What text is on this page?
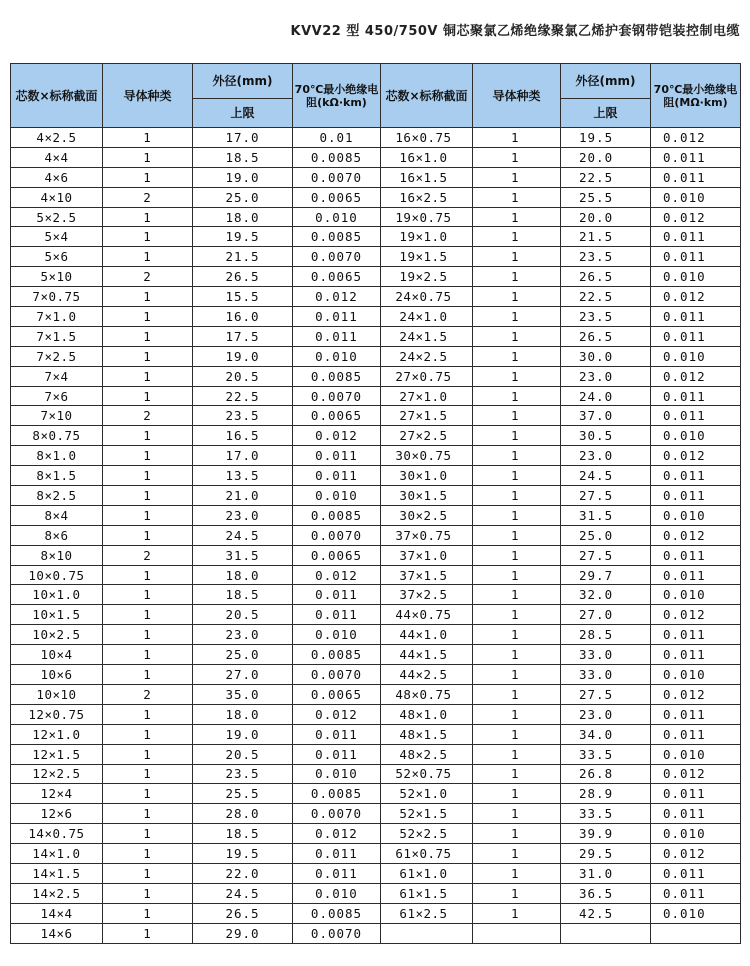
KVV22 型 450/750V 铜芯聚氯乙烯绝缘聚氯乙烯护套钢带铠装控制电缆
芯数×标称截面	导体种类	外径(mm)	70℃最小绝缘电阻(kΩ·km)	芯数×标称截面	导体种类	外径(mm)	70℃最小绝缘电阻(MΩ·km)
		上限				上限	
4×2.5	1	17.0	0.01	16×0.75	1	19.5	0.012
4×4	1	18.5	0.0085	16×1.0	1	20.0	0.011
4×6	1	19.0	0.0070	16×1.5	1	22.5	0.011
4×10	2	25.0	0.0065	16×2.5	1	25.5	0.010
5×2.5	1	18.0	0.010	19×0.75	1	20.0	0.012
5×4	1	19.5	0.0085	19×1.0	1	21.5	0.011
5×6	1	21.5	0.0070	19×1.5	1	23.5	0.011
5×10	2	26.5	0.0065	19×2.5	1	26.5	0.010
7×0.75	1	15.5	0.012	24×0.75	1	22.5	0.012
7×1.0	1	16.0	0.011	24×1.0	1	23.5	0.011
7×1.5	1	17.5	0.011	24×1.5	1	26.5	0.011
7×2.5	1	19.0	0.010	24×2.5	1	30.0	0.010
7×4	1	20.5	0.0085	27×0.75	1	23.0	0.012
7×6	1	22.5	0.0070	27×1.0	1	24.0	0.011
7×10	2	23.5	0.0065	27×1.5	1	37.0	0.011
8×0.75	1	16.5	0.012	27×2.5	1	30.5	0.010
8×1.0	1	17.0	0.011	30×0.75	1	23.0	0.012
8×1.5	1	13.5	0.011	30×1.0	1	24.5	0.011
8×2.5	1	21.0	0.010	30×1.5	1	27.5	0.011
8×4	1	23.0	0.0085	30×2.5	1	31.5	0.010
8×6	1	24.5	0.0070	37×0.75	1	25.0	0.012
8×10	2	31.5	0.0065	37×1.0	1	27.5	0.011
10×0.75	1	18.0	0.012	37×1.5	1	29.7	0.011
10×1.0	1	18.5	0.011	37×2.5	1	32.0	0.010
10×1.5	1	20.5	0.011	44×0.75	1	27.0	0.012
10×2.5	1	23.0	0.010	44×1.0	1	28.5	0.011
10×4	1	25.0	0.0085	44×1.5	1	33.0	0.011
10×6	1	27.0	0.0070	44×2.5	1	33.0	0.010
10×10	2	35.0	0.0065	48×0.75	1	27.5	0.012
12×0.75	1	18.0	0.012	48×1.0	1	23.0	0.011
12×1.0	1	19.0	0.011	48×1.5	1	34.0	0.011
12×1.5	1	20.5	0.011	48×2.5	1	33.5	0.010
12×2.5	1	23.5	0.010	52×0.75	1	26.8	0.012
12×4	1	25.5	0.0085	52×1.0	1	28.9	0.011
12×6	1	28.0	0.0070	52×1.5	1	33.5	0.011
14×0.75	1	18.5	0.012	52×2.5	1	39.9	0.010
14×1.0	1	19.5	0.011	61×0.75	1	29.5	0.012
14×1.5	1	22.0	0.011	61×1.0	1	31.0	0.011
14×2.5	1	24.5	0.010	61×1.5	1	36.5	0.011
14×4	1	26.5	0.0085	61×2.5	1	42.5	0.010
14×6	1	29.0	0.0070				
